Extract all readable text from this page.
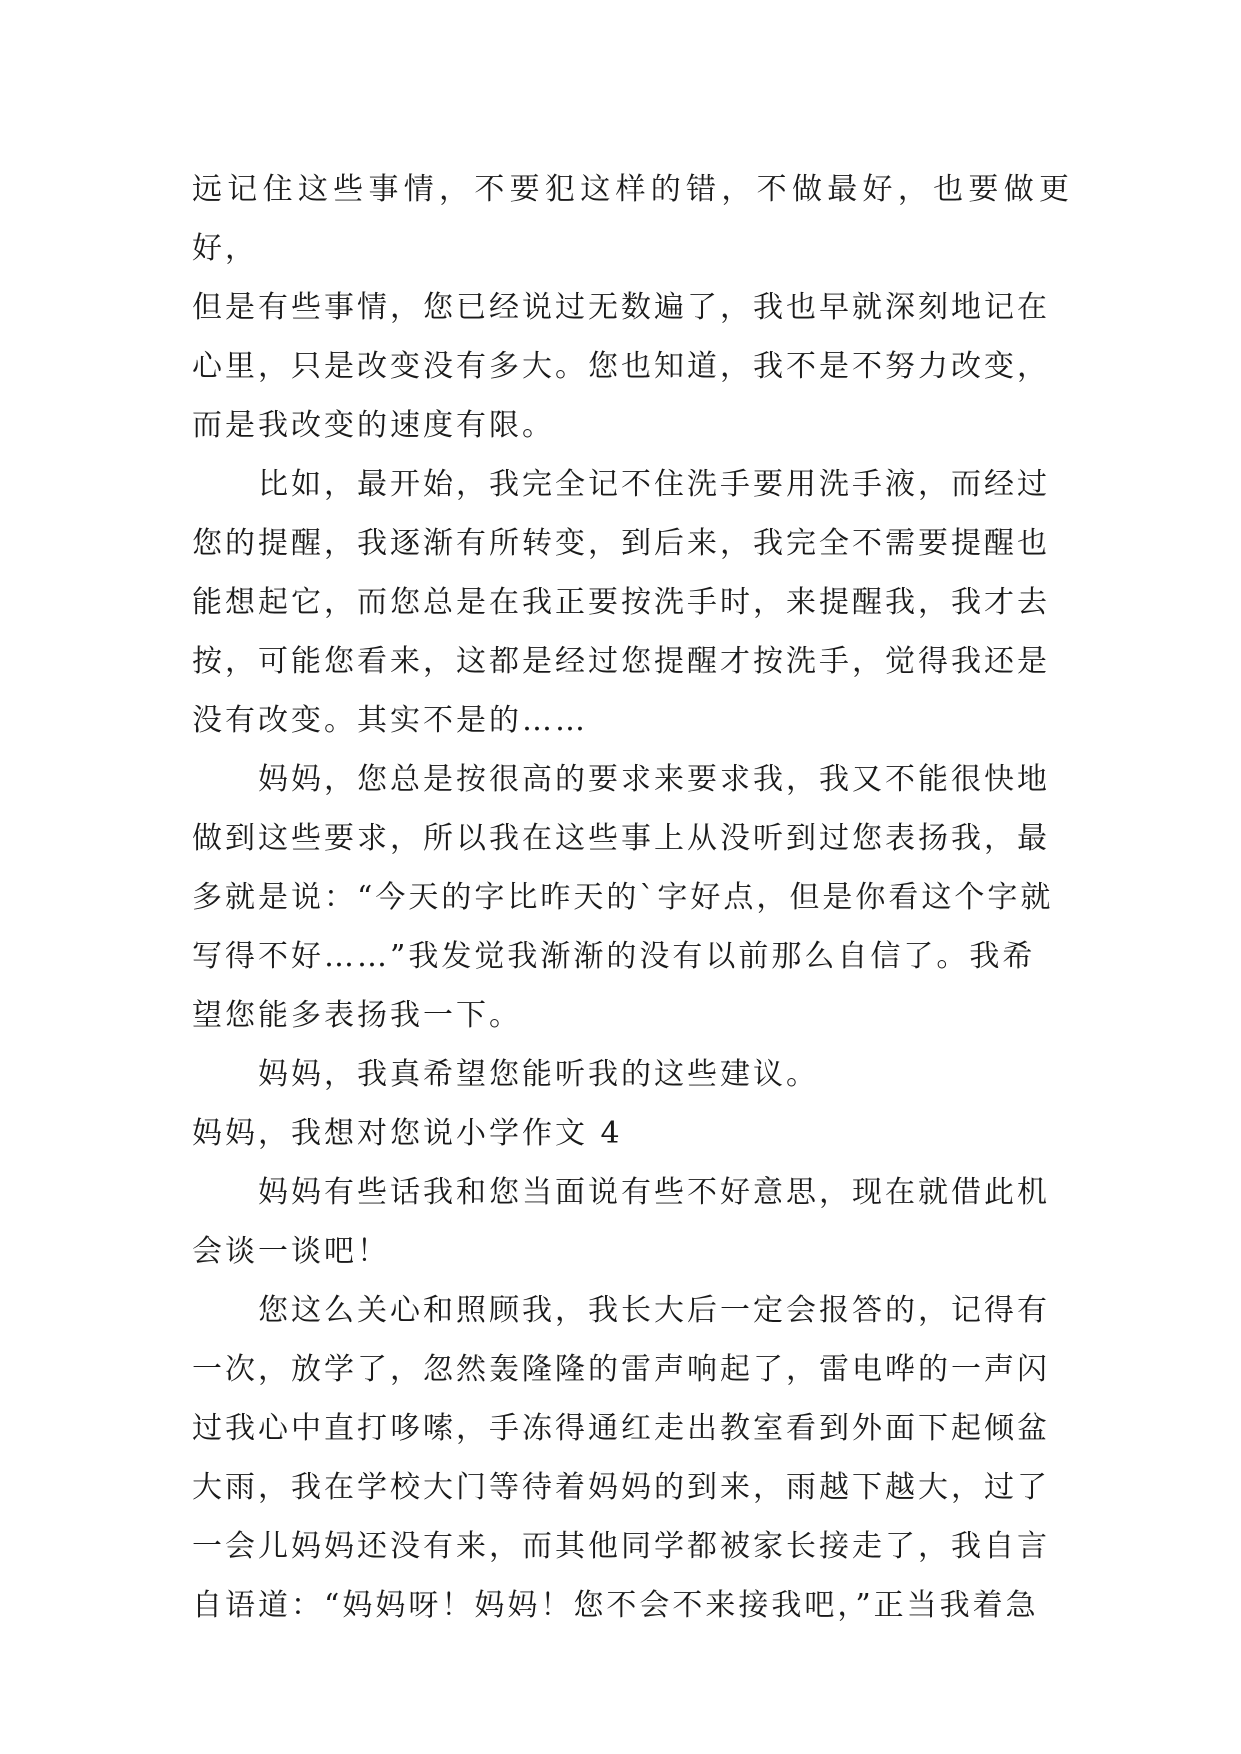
远记住这些事情，不要犯这样的错，不做最好，也要做更好，
但是有些事情，您已经说过无数遍了，我也早就深刻地记在
心里，只是改变没有多大。您也知道，我不是不努力改变，
而是我改变的速度有限。

比如，最开始，我完全记不住洗手要用洗手液，而经过
您的提醒，我逐渐有所转变，到后来，我完全不需要提醒也
能想起它，而您总是在我正要按洗手时，来提醒我，我才去
按，可能您看来，这都是经过您提醒才按洗手，觉得我还是
没有改变。其实不是的……

妈妈，您总是按很高的要求来要求我，我又不能很快地
做到这些要求，所以我在这些事上从没听到过您表扬我，最
多就是说：“今天的字比昨天的`字好点，但是你看这个字就
写得不好……”我发觉我渐渐的没有以前那么自信了。我希
望您能多表扬我一下。

妈妈，我真希望您能听我的这些建议。

妈妈，我想对您说小学作文 4

妈妈有些话我和您当面说有些不好意思，现在就借此机
会谈一谈吧！

您这么关心和照顾我，我长大后一定会报答的，记得有
一次，放学了，忽然轰隆隆的雷声响起了，雷电哗的一声闪
过我心中直打哆嗦，手冻得通红走出教室看到外面下起倾盆
大雨，我在学校大门等待着妈妈的到来，雨越下越大，过了
一会儿妈妈还没有来，而其他同学都被家长接走了，我自言
自语道：“妈妈呀！妈妈！您不会不来接我吧，”正当我着急
